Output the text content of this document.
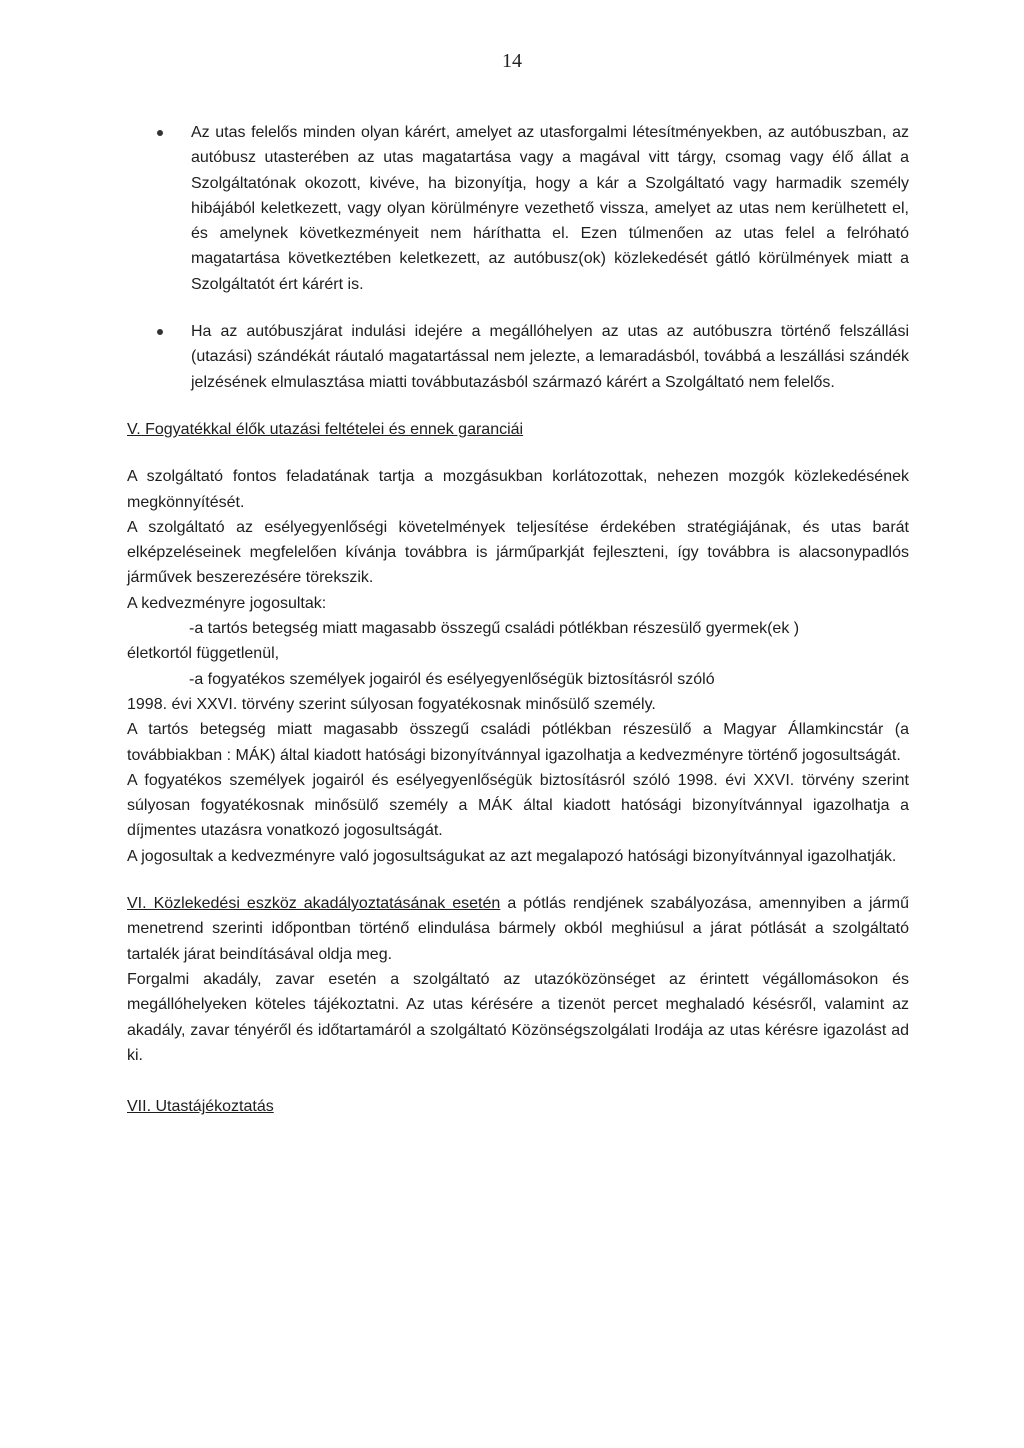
14
Az utas felelős minden olyan kárért, amelyet az utasforgalmi létesítményekben, az autóbuszban, az autóbusz utasterében az utas magatartása vagy a magával vitt tárgy, csomag vagy élő állat a Szolgáltatónak okozott, kivéve, ha bizonyítja, hogy a kár a Szolgáltató vagy harmadik személy hibájából keletkezett, vagy olyan körülményre vezethető vissza, amelyet az utas nem kerülhetett el, és amelynek következményeit nem háríthatta el. Ezen túlmenően az utas felel a felróható magatartása következtében keletkezett, az autóbusz(ok) közlekedését gátló körülmények miatt a Szolgáltatót ért kárért is.
Ha az autóbuszjárat indulási idejére a megállóhelyen az utas az autóbuszra történő felszállási (utazási) szándékát ráutaló magatartással nem jelezte, a lemaradásból, továbbá a leszállási szándék jelzésének elmulasztása miatti továbbutazásból származó kárért a Szolgáltató nem felelős.
V. Fogyatékkal élők utazási feltételei és ennek garanciái

A szolgáltató fontos feladatának tartja a mozgásukban korlátozottak, nehezen mozgók közlekedésének megkönnyítését.

A szolgáltató az esélyegyenlőségi követelmények teljesítése érdekében stratégiájának, és utas barát elképzeléseinek megfelelően kívánja továbbra is járműparkját fejleszteni, így továbbra is alacsonypadlós járművek beszerezésére törekszik.

A kedvezményre jogosultak:

-a tartós betegség miatt magasabb összegű családi pótlékban részesülő gyermek(ek )

életkortól függetlenül,

-a fogyatékos személyek jogairól és esélyegyenlőségük biztosításról szóló

1998. évi XXVI. törvény szerint súlyosan fogyatékosnak minősülő személy.

A tartós betegség miatt magasabb összegű családi pótlékban részesülő a Magyar Államkincstár (a továbbiakban : MÁK) által kiadott hatósági bizonyítvánnyal igazolhatja a kedvezményre történő jogosultságát.

A fogyatékos személyek jogairól és esélyegyenlőségük biztosításról szóló 1998. évi XXVI. törvény szerint súlyosan fogyatékosnak minősülő személy a MÁK által kiadott hatósági bizonyítvánnyal igazolhatja a díjmentes utazásra vonatkozó jogosultságát.

A jogosultak a kedvezményre való jogosultságukat az azt megalapozó hatósági bizonyítvánnyal igazolhatják.

VI. Közlekedési eszköz akadályoztatásának esetén a pótlás rendjének szabályozása, amennyiben a jármű menetrend szerinti időpontban történő elindulása bármely okból meghiúsul a járat pótlását a szolgáltató tartalék járat beindításával oldja meg.

Forgalmi akadály, zavar esetén a szolgáltató az utazóközönséget az érintett végállomásokon és megállóhelyeken köteles tájékoztatni. Az utas kérésére a tizenöt percet meghaladó késésről, valamint az akadály, zavar tényéről és időtartamáról a szolgáltató Közönségszolgálati Irodája az utas kérésre igazolást ad ki.

VII. Utastájékoztatás
